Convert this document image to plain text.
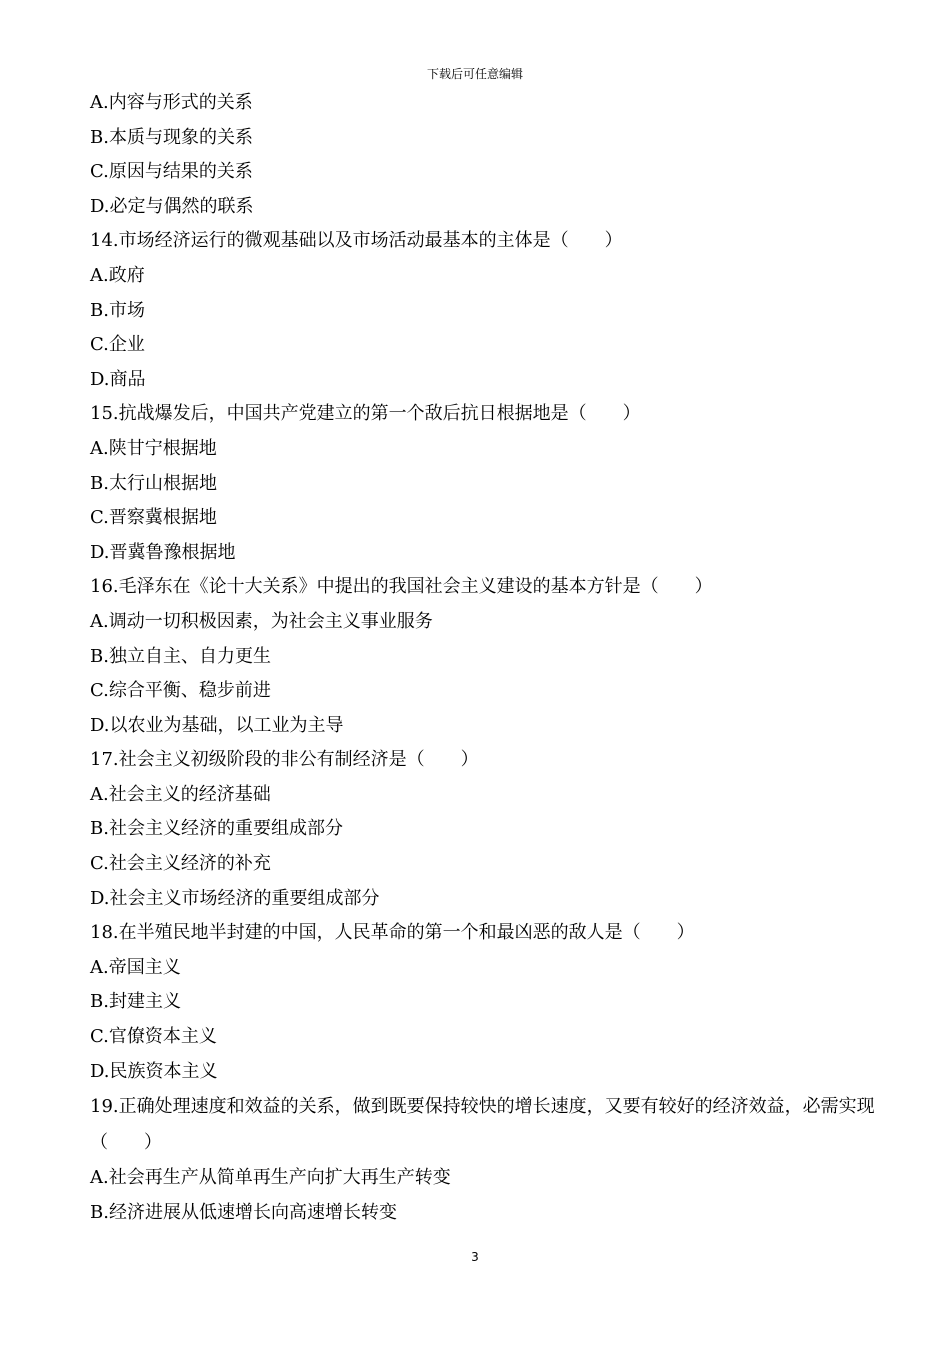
下载后可任意编辑
A.内容与形式的关系
B.本质与现象的关系
C.原因与结果的关系
D.必定与偶然的联系
14.市场经济运行的微观基础以及市场活动最基本的主体是（　　）
A.政府
B.市场
C.企业
D.商品
15.抗战爆发后，中国共产党建立的第一个敌后抗日根据地是（　　）
A.陕甘宁根据地
B.太行山根据地
C.晋察冀根据地
D.晋冀鲁豫根据地
16.毛泽东在《论十大关系》中提出的我国社会主义建设的基本方针是（　　）
A.调动一切积极因素，为社会主义事业服务
B.独立自主、自力更生
C.综合平衡、稳步前进
D.以农业为基础，以工业为主导
17.社会主义初级阶段的非公有制经济是（　　）
A.社会主义的经济基础
B.社会主义经济的重要组成部分
C.社会主义经济的补充
D.社会主义市场经济的重要组成部分
18.在半殖民地半封建的中国，人民革命的第一个和最凶恶的敌人是（　　）
A.帝国主义
B.封建主义
C.官僚资本主义
D.民族资本主义
19.正确处理速度和效益的关系，做到既要保持较快的增长速度，又要有较好的经济效益，必需实现（　　）
A.社会再生产从简单再生产向扩大再生产转变
B.经济进展从低速增长向高速增长转变
3
